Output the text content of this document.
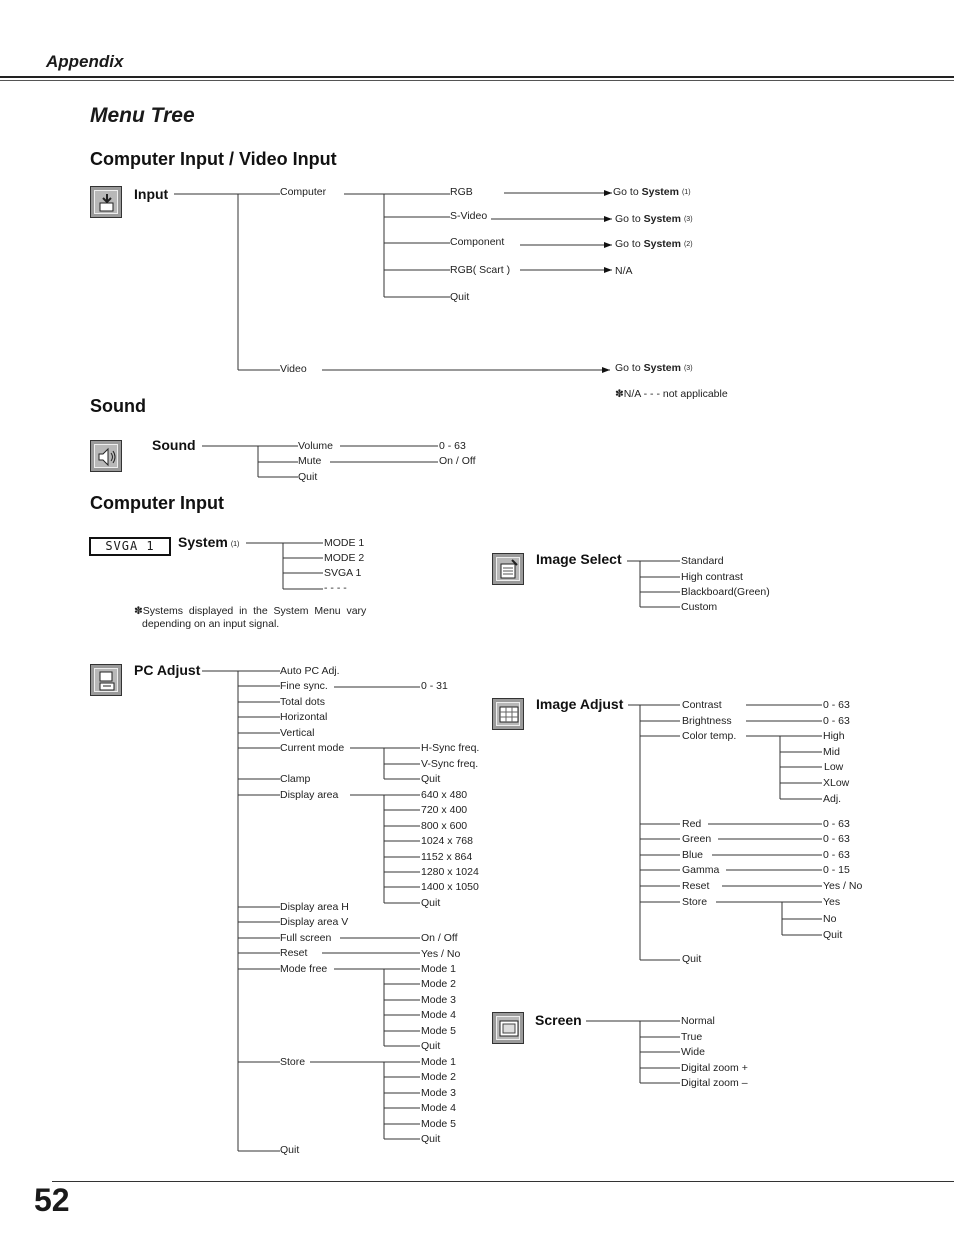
Appendix
Menu Tree
Computer Input / Video Input
Sound
Computer Input
Input	Computer
Video
RGB
S-Video
Component
RGB( Scart )
Quit
Go to System (1)
Go to System (3)
Go to System (2)
N/A
Go to System (3)
✽N/A - - - not applicable
Sound	Volume
Mute
Quit
0 - 63
On / Off
SVGA 1	System (1)	MODE 1
MODE 2
SVGA 1
- - - -
✽Systems  displayed  in  the  System  Menu  vary
depending on an input signal.
Image Select	Standard
High contrast
Blackboard(Green)
Custom
PC Adjust	Auto PC Adj.
Fine sync.
Total dots
Horizontal
Vertical
Current mode
Clamp
Display area
Display area H
Display area V
Full screen
Reset
Mode free
Store
Quit
0 - 31
H-Sync freq.
V-Sync freq.
Quit
640 x 480
720 x 400
800 x 600
1024 x 768
1152 x 864
1280 x 1024
1400 x 1050
Quit
On / Off
Yes / No
Mode 1
Mode 2
Mode 3
Mode 4
Mode 5
Quit
Mode 1
Mode 2
Mode 3
Mode 4
Mode 5
Quit
Image Adjust	Contrast
Brightness
Color temp.
Red
Green
Blue
Gamma
Reset
Store
Quit
0 - 63
0 - 63
0 - 63
0 - 63
0 - 63
0 - 15
Yes / No
High
Mid
Low
XLow
Adj.
Yes
No
Quit
Screen	Normal
True
Wide
Digital zoom +
Digital zoom –
52
